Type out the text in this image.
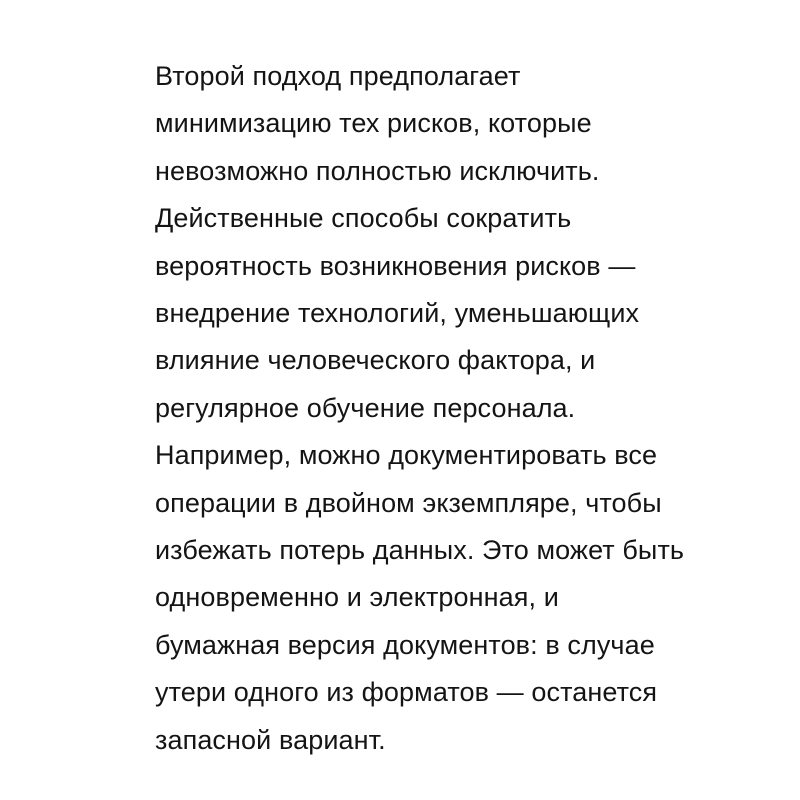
Второй подход предполагает
минимизацию тех рисков, которые
невозможно полностью исключить.
Действенные способы сократить
вероятность возникновения рисков —
внедрение технологий, уменьшающих
влияние человеческого фактора, и
регулярное обучение персонала.
Например, можно документировать все
операции в двойном экземпляре, чтобы
избежать потерь данных. Это может быть
одновременно и электронная, и
бумажная версия документов: в случае
утери одного из форматов — останется
запасной вариант.
